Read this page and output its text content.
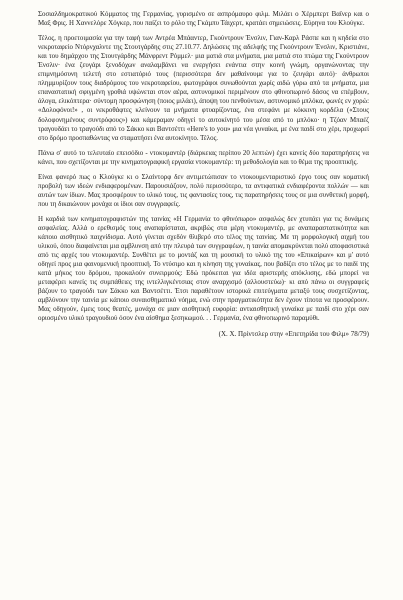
Σοσιαλδημοκρατικού Κόμματος της Γερμανίας, γυρισμένο σε ασπρόμαυρο φιλμ. Μιλάει ο Χέρμπερτ Βαϊνερ και ο Μαξ Φρις. Η Χαννελόρε Χόγκερ, που παίζει το ρόλο της Γκάμπυ Τάιχερτ, κρατάει σημειώσεις. Εύρηνα του Κλούγκε.

Τέλος, η προετοιμασία για την ταφή των Αντρέα Μπάαντερ, Γκούντρουν Ένσλιν, Γιαν-Καρλ Ράσπε και η κηδεία στο νεκροταφείο Ντόρνχαλντε της Στουτγάρδης στις 27.10.77. Δηλώσεις της αδελφής της Γκούντρουν Ένσλιν, Κριστιάνε, και του δημάρχου της Στουτγάρδης Μάνφρεντ Ρόμμελ· μια ματιά στα μνήματα, μια ματιά στο πτώμα της Γκούντρουν Ένσλιν· ένα ζευγάρι ξενοδόχων αναλαμβάνει να ενεργήσει ενάντια στην κοινή γνώμη, οργανώνοντας την επιμνημόσυνη τελετή στο εστιατόριό τους (περισσότερα δεν μαθαίνουμε για το ζευγάρι αυτό)· άνθρωποι πλημμυρίζουν τους διαδρόμους του νεκροταφείου, φωτογράφοι συνωθούνται χωρίς αιδώ γύρω από τα μνήματα, μια επαναστατική σφιγμένη γροθιά υψώνεται στον αέρα, αστυνομικοί περιμένουν στο φθινοπωρινό δάσος να επέμβουν, άλογα, ελικόπτερα· σύντομη προσφώνηση (ποιος μιλάει), άποψη του πενθούντων, αστυνομικό μπλόκα, φωνές εν χορώ: «Δολοφόνοι!» , οι νεκροθάφτες κλείνουν τα μνήματα φτυαρίζοντας, ένα στεφάνι με κόκκινη κορδέλα («Στους δολοφονημένους συντρόφους») και κάμεραμαν οδηγεί το αυτοκίνητό του μέσα από το μπλόκο· η Τζόαν Μπαέζ τραγουδάει το τραγούδι από το Σάκκο και Βαντσέττι «Here's to you» μια νέα γυναίκα, με ένα παιδί στο χέρι, προχωρεί στο δρόμο προσπαθώντας να σταματήσει ένα αυτοκίνητο. Τέλος.

Πάνω σ' αυτό το τελευταίο επεισόδιο - ντοκυμαντέρ (διάρκειας περίπου 20 λεπτών) έχει κανείς δύο παρατηρήσεις να κάνει, που σχετίζονται με την κινηματογραφική εργασία ντοκυμαντέρ: τη μεθοδολογία και το θέμα της προοπτικής.

Είναι φανερό πως ο Κλούγκε κι ο Σλαίντορφ δεν αντιμετώπισαν το ντοκουμενταριστικό έργο τους σαν κοματική προβολή των ιδεών ενδιαφερομένων. Παρουσιάζουν, πολύ περισσότερο, τα αντιφατικά ενδιαφέροντα πολλών — και αυτών των ίδιων. Μας προσφέρουν το υλικό τους, τις φαντασίες τους, τις παρατηρήσεις τους σε μια συνθετική μορφή, που τη δικαιώνουν μονάχα οι ίδιοι σαν συγγραφείς.

Η καρδιά των κινηματογραφιστών της ταινίας «Η Γερμανία το φθινόπωρο» ασφαλώς δεν χτυπάει για τις δυνάμεις ασφαλείας. Αλλά ο ερεθισμός τους αναπαρίσταται, ακριβώς στα μέρη ντοκυμαντέρ, με αναπαραστατικότητα και κάποιο αισθητικό παιχνίδισμα. Αυτό γίνεται σχεδόν θλιβερό στο τέλος της ταινίας. Με τη μορφολογική αιχμή του υλικού, όπου διαφαίνεται μια αμβλυνση από την πλευρά των συγγραφέων, η ταινία απομακρύνεται πολύ αποφασιστικά από τις αρχές του ντοκυμαντέρ. Συνθέτει με το μοντάζ και τη μουσική το υλικό της του «Επικαίρων» και μ' αυτό οδηγεί προς μια φαινομενική προοπτική. Το ντύσιμο και η κίνηση της γυναίκας, που βαδίζει στο τέλος με το παιδί της κατά μήκος του δρόμου, προκαλούν συνειρμούς: Εδώ πρόκειται για ιδέα αριστερής απόκλισης, εδώ μπορεί να μεταφέρει κανείς τις συμπάθειες της ιντελλιγκέντσιας στον αναρχισμό (αλλουστεύω)· κι από πάνω οι συγγραφείς βάζουν το τραγούδι των Σάκκο και Βαντσέττι. Έτσι παραθέτουν ιστορικά επιτεύγματα μεταξύ τους συσχετίζοντας, αμβλύνουν την ταινία με κάποιο συναισθηματικό νόημα, ενώ στην πραγματικότητα δεν έχουν τίποτα να προσφέρουν. Μας οδηγούν, έμεις τους θεατές, μονάχα σε μιαν αισθητική ευφορία: αντιαισθητική γυναίκα με παιδί στο χέρι σαν οριοσμένο υλικό τραγουδιού όσον ένα αίσθημα ξεσηκωμού. . . Γερμανία, ένα φθινοπωρινό παραμύθι.

(Χ. Χ. Πρίντσλερ στην «Επετηρίδα του Φιλμ» 78/79)
